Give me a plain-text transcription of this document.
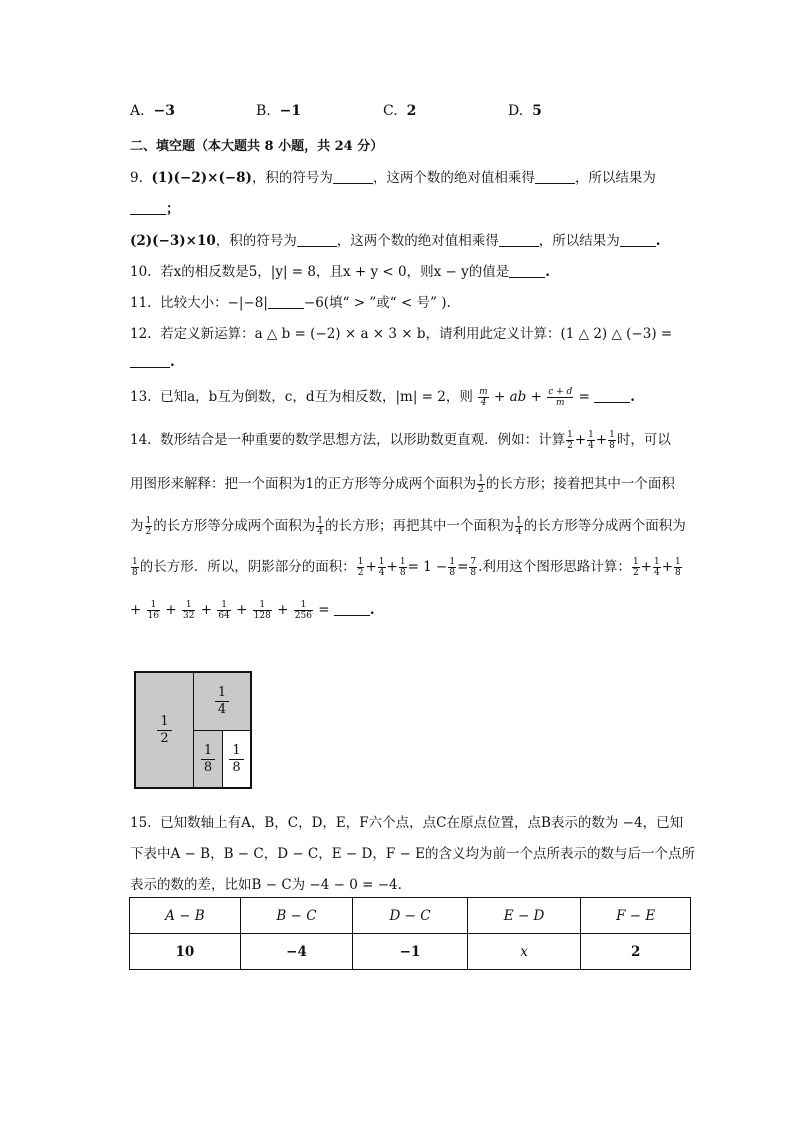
A. −3	B. −1	C. 2	D. 5
二、填空题（本大题共 8 小题，共 24 分）
9. (1)(−2)×(−8)，积的符号为	，这两个数的绝对值相乘得	，所以结果为
；
(2)(−3)×10，积的符号为	，这两个数的绝对值相乘得	，所以结果为	.
10. 若x的相反数是5，|y| = 8，且x + y < 0，则x − y的值是	.
11. 比较大小：−|−8|	−6(填“ > ”或“ < 号” ).
12. 若定义新运算：a △ b = (−2) × a × 3 × b，请利用此定义计算：(1 △ 2) △ (−3) =
.
13. 已知a，b互为倒数，c，d互为相反数，|m| = 2，则 $\frac{m}{4}$ + ab + $\frac{c + d}{m}$ =	.
14. 数形结合是一种重要的数学思想方法，以形助数更直观．例如：计算 $\frac{1}{2} + \frac{1}{4} + \frac{1}{8}$ 时，可以
用图形来解释：把一个面积为1的正方形等分成两个面积为 $\frac{1}{2}$ 的长方形；接着把其中一个面积
为 $\frac{1}{2}$ 的长方形等分成两个面积为 $\frac{1}{4}$ 的长方形；再把其中一个面积为 $\frac{1}{4}$ 的长方形等分成两个面积为
$\frac{1}{8}$ 的长方形．所以，阴影部分的面积： $\frac{1}{2} + \frac{1}{4} + \frac{1}{8} = 1 - \frac{1}{8} = \frac{7}{8}$ .利用这个图形思路计算： $\frac{1}{2} + \frac{1}{4} + \frac{1}{8}$
+ $\frac{1}{16} + \frac{1}{32} + \frac{1}{64} + \frac{1}{128} + \frac{1}{256}$ =	.
1
2
1
4
1
8
1
8
15. 已知数轴上有A，B，C，D，E，F六个点，点C在原点位置，点B表示的数为 −4，已知
下表中A − B，B − C，D − C，E − D，F − E的含义均为前一个点所表示的数与后一个点所
表示的数的差，比如B − C为 −4 − 0 = −4.
A − B	B − C	D − C	E − D	F − E
10	−4	−1	x	2
